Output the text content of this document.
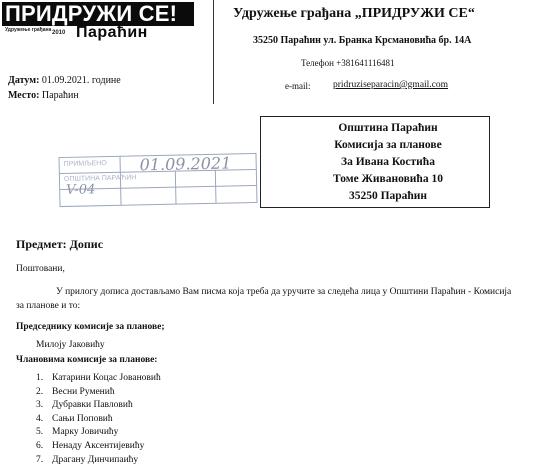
ПРИДРУЖИ СЕ!
Удружење грађана 2010 Параћин
Удружење грађана „ПРИДРУЖИ СЕ“
35250 Параћин ул. Бранка Крсмановића бр. 14А
Телефон +381641116481
e-mail: pridruziseparacin@gmail.com
Датум: 01.09.2021. године
Место: Параћин
Општина Параћин
Комисија за планове
За Ивана Костића
Томе Живановића 10
35250 Параћин
ПРИМЉЕНО
ОПШТИНА ПАРАЋИН
01.09.2021
V-04
Предмет: Допис
Поштовани,
У прилогу дописа достављамо Вам писма која треба да уручите за следећа лица у Општини Параћин - Комисија за планове и то:
Председнику комисије за планове;
Милоју Јаковићу
Члановима комисије за планове:
1. Катарини Коцас Јовановић
2. Весни Руменић
3. Дубравки Павловић
4. Сањи Поповић
5. Марку Јовичићу
6. Ненаду Аксентијевићу
7. Драгану Динчипаићу
